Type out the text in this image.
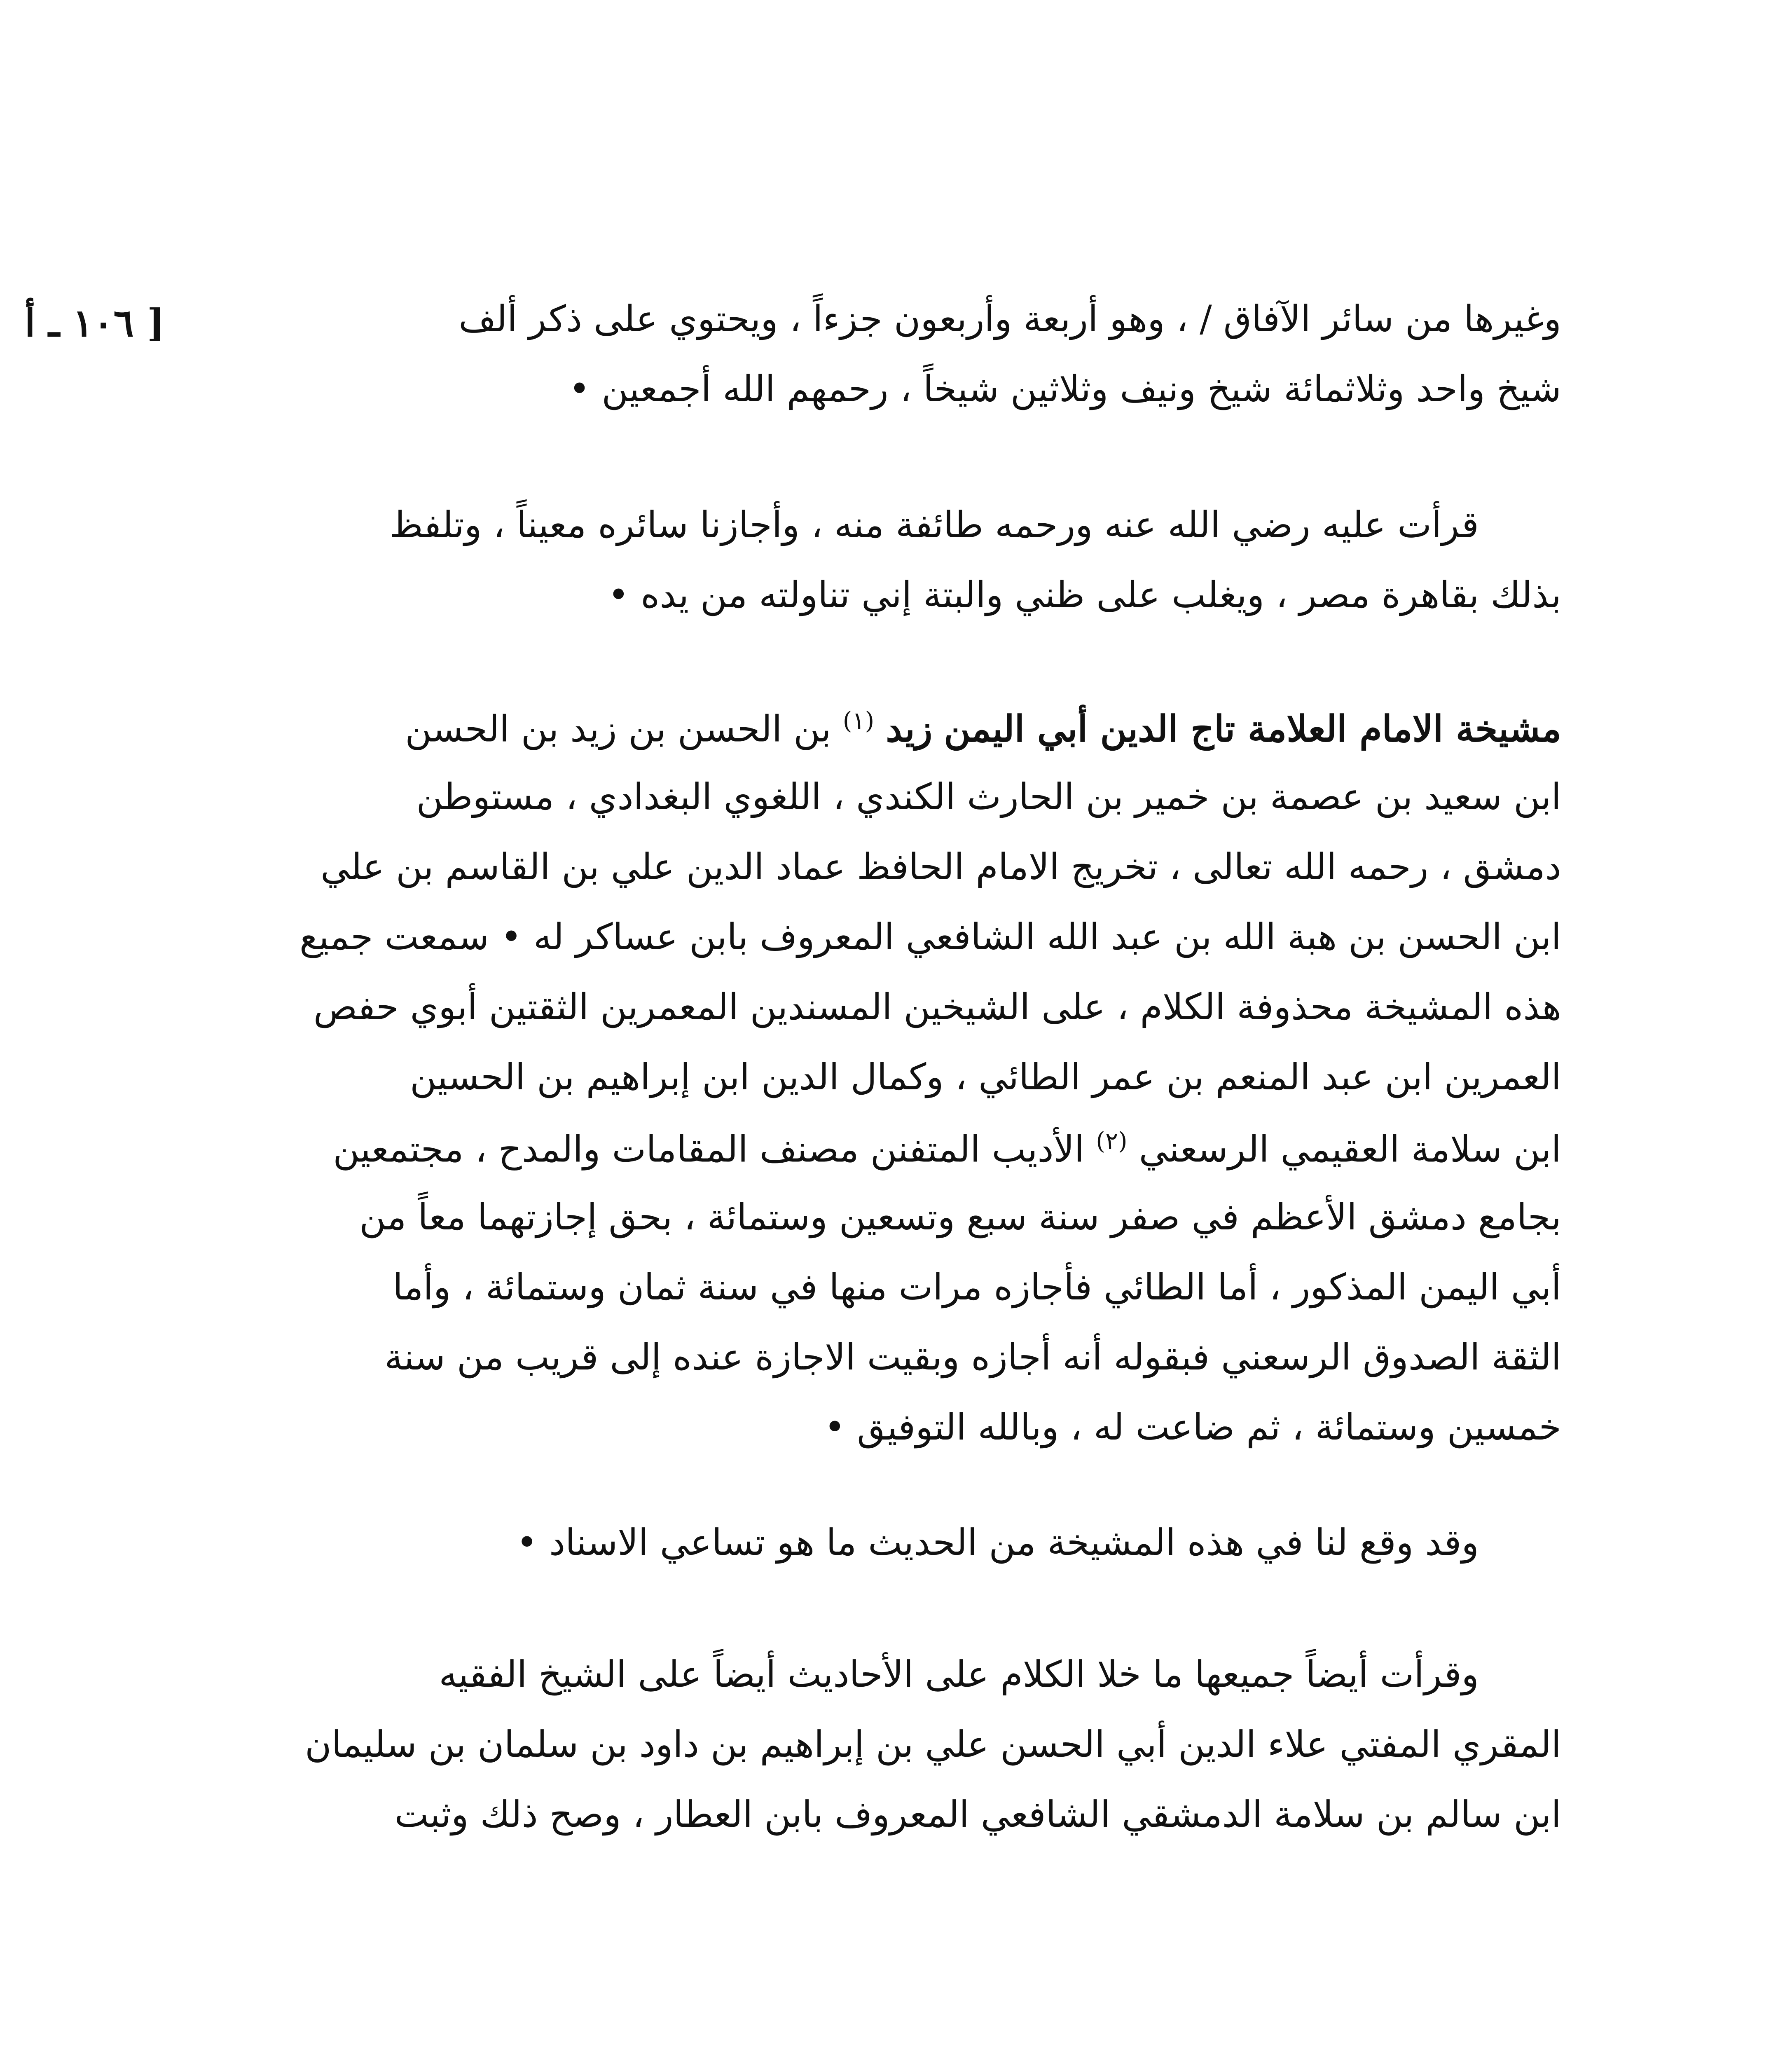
وغيرها من سائر الآفاق / ، وهو أربعة وأربعون جزءاً ، ويحتوي على ذكر ألف
[ ١٠٦ ـ أ
شيخ واحد وثلاثمائة شيخ ونيف وثلاثين شيخاً ، رحمهم الله أجمعين •
قرأت عليه رضي الله عنه ورحمه طائفة منه ، وأجازنا سائره معيناً ، وتلفظ
بذلك بقاهرة مصر ، ويغلب على ظني والبتة إني تناولته من يده •
مشيخة الامام العلامة تاج الدين أبي اليمن زيد $^{(١)}$ بن الحسن بن زيد بن الحسن
ابن سعيد بن عصمة بن خمير بن الحارث الكندي ، اللغوي البغدادي ، مستوطن
دمشق ، رحمه الله تعالى ، تخريج الامام الحافظ عماد الدين علي بن القاسم بن علي
ابن الحسن بن هبة الله بن عبد الله الشافعي المعروف بابن عساكر له • سمعت جميع
هذه المشيخة محذوفة الكلام ، على الشيخين المسندين المعمرين الثقتين أبوي حفص
العمرين ابن عبد المنعم بن عمر الطائي ، وكمال الدين ابن إبراهيم بن الحسين
ابن سلامة العقيمي الرسعني $^{(٢)}$ الأديب المتفنن مصنف المقامات والمدح ، مجتمعين
بجامع دمشق الأعظم في صفر سنة سبع وتسعين وستمائة ، بحق إجازتهما معاً من
أبي اليمن المذكور ، أما الطائي فأجازه مرات منها في سنة ثمان وستمائة ، وأما
الثقة الصدوق الرسعني فبقوله أنه أجازه وبقيت الاجازة عنده إلى قريب من سنة
خمسين وستمائة ، ثم ضاعت له ، وبالله التوفيق •
وقد وقع لنا في هذه المشيخة من الحديث ما هو تساعي الاسناد •
وقرأت أيضاً جميعها ما خلا الكلام على الأحاديث أيضاً على الشيخ الفقيه
المقري المفتي علاء الدين أبي الحسن علي بن إبراهيم بن داود بن سلمان بن سليمان
ابن سالم بن سلامة الدمشقي الشافعي المعروف بابن العطار ، وصح ذلك وثبت
